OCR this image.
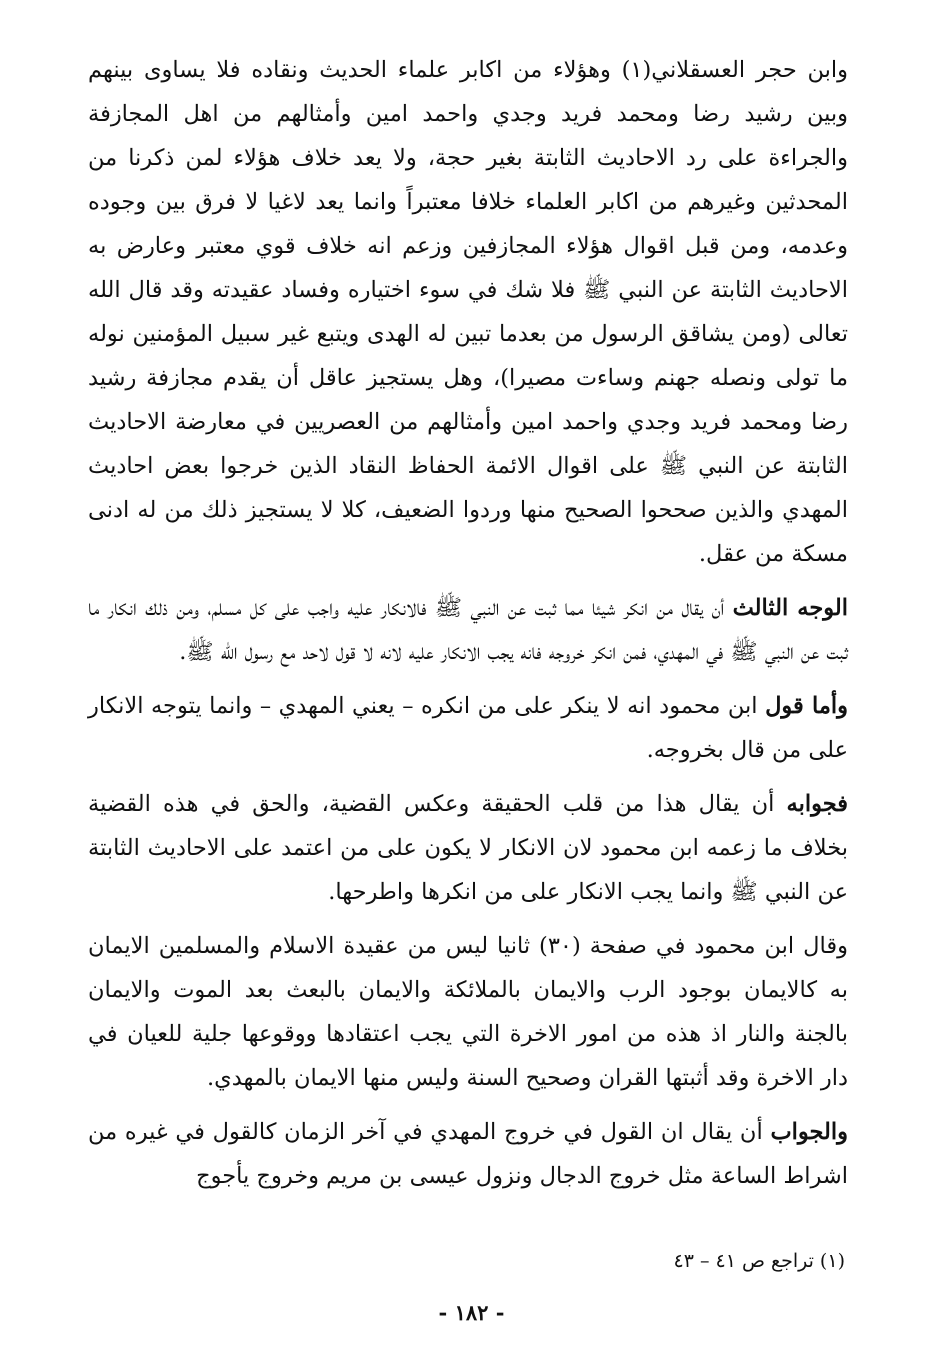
وابن حجر العسقلاني(١) وهؤلاء من اكابر علماء الحديث ونقاده فلا يساوى بينهم وبين رشيد رضا ومحمد فريد وجدي واحمد امين وأمثالهم من اهل المجازفة والجراءة على رد الاحاديث الثابتة بغير حجة، ولا يعد خلاف هؤلاء لمن ذكرنا من المحدثين وغيرهم من اكابر العلماء خلافا معتبراً وانما يعد لاغيا لا فرق بين وجوده وعدمه، ومن قبل اقوال هؤلاء المجازفين وزعم انه خلاف قوي معتبر وعارض به الاحاديث الثابتة عن النبي ﷺ فلا شك في سوء اختياره وفساد عقيدته وقد قال الله تعالى (ومن يشاقق الرسول من بعدما تبين له الهدى ويتبع غير سبيل المؤمنين نوله ما تولى ونصله جهنم وساءت مصيرا)، وهل يستجيز عاقل أن يقدم مجازفة رشيد رضا ومحمد فريد وجدي واحمد امين وأمثالهم من العصريين في معارضة الاحاديث الثابتة عن النبي ﷺ على اقوال الائمة الحفاظ النقاد الذين خرجوا بعض احاديث المهدي والذين صححوا الصحيح منها وردوا الضعيف، كلا لا يستجيز ذلك من له ادنى مسكة من عقل.

الوجه الثالث أن يقال من انكر شيئا مما ثبت عن النبي ﷺ فالانكار عليه واجب على كل مسلم، ومن ذلك انكار ما ثبت عن النبي ﷺ في المهدي، فمن انكر خروجه فانه يجب الانكار عليه لانه لا قول لاحد مع رسول الله ﷺ.

وأما قول ابن محمود انه لا ينكر على من انكره – يعني المهدي – وانما يتوجه الانكار على من قال بخروجه.

فجوابه أن يقال هذا من قلب الحقيقة وعكس القضية، والحق في هذه القضية بخلاف ما زعمه ابن محمود لان الانكار لا يكون على من اعتمد على الاحاديث الثابتة عن النبي ﷺ وانما يجب الانكار على من انكرها واطرحها.

وقال ابن محمود في صفحة (٣٠) ثانيا ليس من عقيدة الاسلام والمسلمين الايمان به كالايمان بوجود الرب والايمان بالملائكة والايمان بالبعث بعد الموت والايمان بالجنة والنار اذ هذه من امور الاخرة التي يجب اعتقادها ووقوعها جلية للعيان في دار الاخرة وقد أثبتها القران وصحيح السنة وليس منها الايمان بالمهدي.

والجواب أن يقال ان القول في خروج المهدي في آخر الزمان كالقول في غيره من اشراط الساعة مثل خروج الدجال ونزول عيسى بن مريم وخروج يأجوج

(١) تراجع ص ٤١ – ٤٣
- ١٨٢ -
